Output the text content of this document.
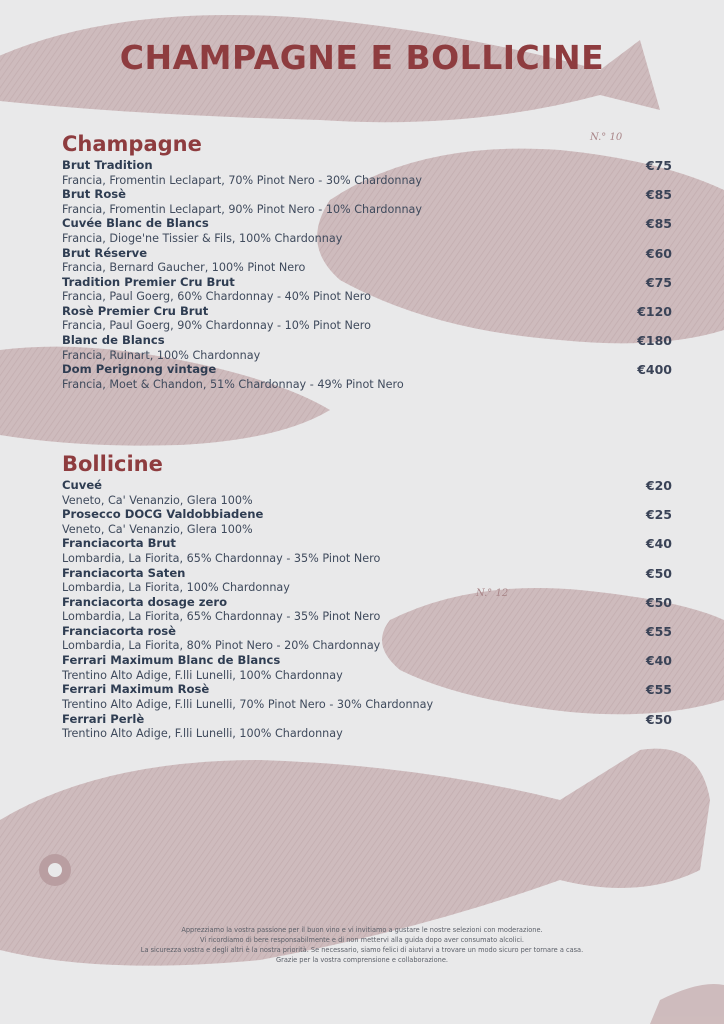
N.° 10
N.° 12
CHAMPAGNE E BOLLICINE
Champagne
Brut Tradition
Francia, Fromentin Leclapart, 70% Pinot Nero - 30% Chardonnay
€75
Brut Rosè
Francia, Fromentin Leclapart, 90% Pinot Nero - 10% Chardonnay
€85
Cuvée Blanc de Blancs
Francia, Dioge'ne Tissier & Fils, 100% Chardonnay
€85
Brut Réserve
Francia, Bernard Gaucher, 100% Pinot Nero
€60
Tradition Premier Cru Brut
Francia, Paul Goerg, 60% Chardonnay - 40% Pinot Nero
€75
Rosè Premier Cru Brut
Francia, Paul Goerg, 90% Chardonnay - 10% Pinot Nero
€120
Blanc de Blancs
Francia, Ruinart, 100% Chardonnay
€180
Dom Perignong vintage
Francia, Moet & Chandon, 51% Chardonnay - 49% Pinot Nero
€400
Bollicine
Cuveé
Veneto, Ca' Venanzio, Glera 100%
€20
Prosecco DOCG Valdobbiadene
Veneto, Ca' Venanzio, Glera 100%
€25
Franciacorta Brut
Lombardia, La Fiorita, 65% Chardonnay - 35% Pinot Nero
€40
Franciacorta Saten
Lombardia, La Fiorita, 100% Chardonnay
€50
Franciacorta dosage zero
Lombardia, La Fiorita, 65% Chardonnay - 35% Pinot Nero
€50
Franciacorta rosè
Lombardia, La Fiorita, 80% Pinot Nero - 20% Chardonnay
€55
Ferrari Maximum Blanc de Blancs
Trentino Alto Adige, F.lli Lunelli, 100% Chardonnay
€40
Ferrari Maximum Rosè
Trentino Alto Adige, F.lli Lunelli, 70% Pinot Nero - 30% Chardonnay
€55
Ferrari Perlè
Trentino Alto Adige, F.lli Lunelli, 100% Chardonnay
€50
Apprezziamo la vostra passione per il buon vino e vi invitiamo a gustare le nostre selezioni con moderazione.
Vi ricordiamo di bere responsabilmente e di non mettervi alla guida dopo aver consumato alcolici.
La sicurezza vostra e degli altri è la nostra priorità. Se necessario, siamo felici di aiutarvi a trovare un modo sicuro per tornare a casa.
Grazie per la vostra comprensione e collaborazione.
